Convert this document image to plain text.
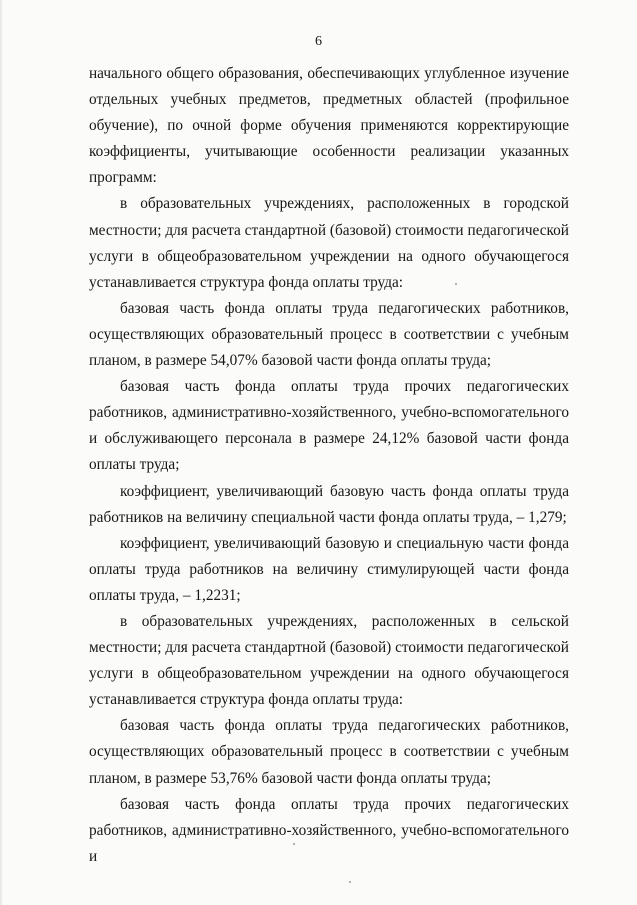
6

начального общего образования, обеспечивающих углубленное изучение отдельных учебных предметов, предметных областей (профильное обучение), по очной форме обучения применяются корректирующие коэффициенты, учитывающие особенности реализации указанных программ:

в образовательных учреждениях, расположенных в городской местности; для расчета стандартной (базовой) стоимости педагогической услуги в общеобразовательном учреждении на одного обучающегося устанавливается структура фонда оплаты труда:

базовая часть фонда оплаты труда педагогических работников, осуществляющих образовательный процесс в соответствии с учебным планом, в размере 54,07% базовой части фонда оплаты труда;

базовая часть фонда оплаты труда прочих педагогических работников, административно-хозяйственного, учебно-вспомогательного и обслуживающего персонала в размере 24,12% базовой части фонда оплаты труда;

коэффициент, увеличивающий базовую часть фонда оплаты труда работников на величину специальной части фонда оплаты труда, – 1,279;

коэффициент, увеличивающий базовую и специальную части фонда оплаты труда работников на величину стимулирующей части фонда оплаты труда, – 1,2231;

в образовательных учреждениях, расположенных в сельской местности; для расчета стандартной (базовой) стоимости педагогической услуги в общеобразовательном учреждении на одного обучающегося устанавливается структура фонда оплаты труда:

базовая часть фонда оплаты труда педагогических работников, осуществляющих образовательный процесс в соответствии с учебным планом, в размере 53,76% базовой части фонда оплаты труда;

базовая часть фонда оплаты труда прочих педагогических работников, административно-хозяйственного, учебно-вспомогательного и
